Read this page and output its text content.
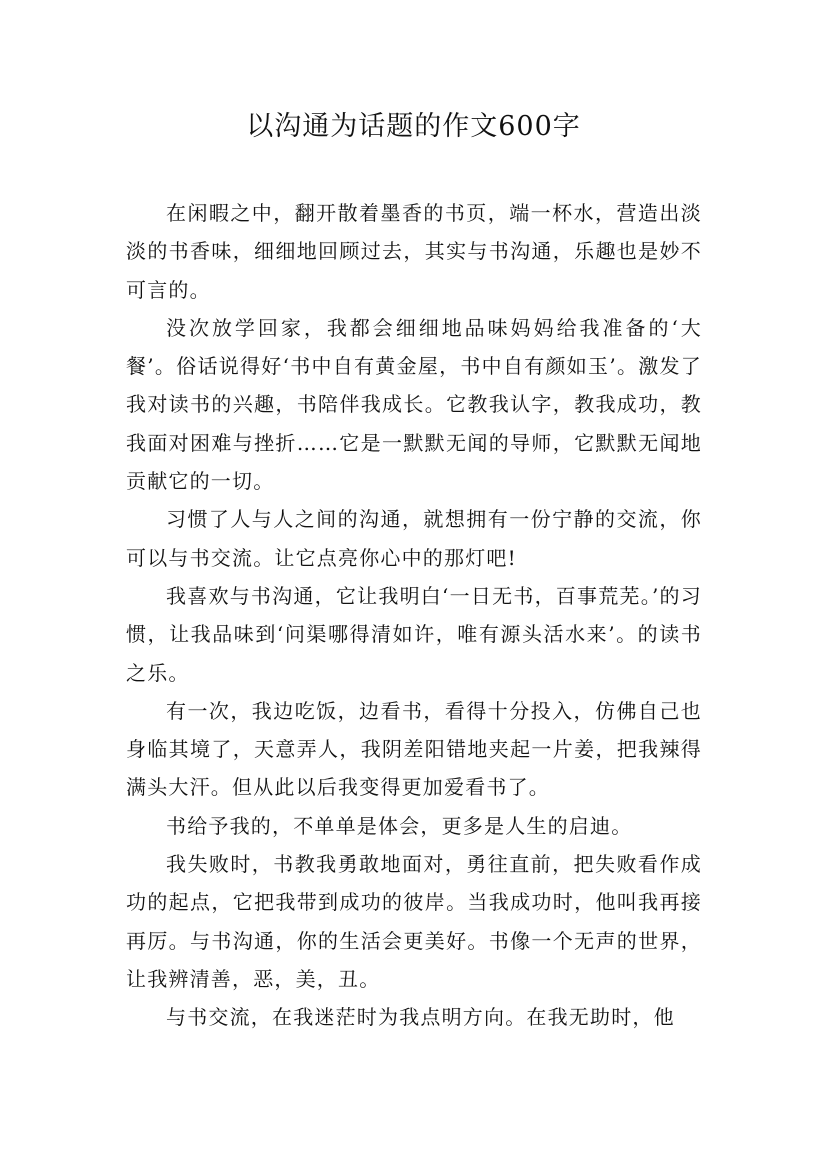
以沟通为话题的作文600字

在闲暇之中，翻开散着墨香的书页，端一杯水，营造出淡淡的书香味，细细地回顾过去，其实与书沟通，乐趣也是妙不可言的。

没次放学回家，我都会细细地品味妈妈给我准备的‘大餐’。俗话说得好‘书中自有黄金屋，书中自有颜如玉’。激发了我对读书的兴趣，书陪伴我成长。它教我认字，教我成功，教我面对困难与挫折……它是一默默无闻的导师，它默默无闻地贡献它的一切。

习惯了人与人之间的沟通，就想拥有一份宁静的交流，你可以与书交流。让它点亮你心中的那灯吧!

我喜欢与书沟通，它让我明白‘一日无书，百事荒芜。’的习惯，让我品味到‘问渠哪得清如许，唯有源头活水来’。的读书之乐。

有一次，我边吃饭，边看书，看得十分投入，仿佛自己也身临其境了，天意弄人，我阴差阳错地夹起一片姜，把我辣得满头大汗。但从此以后我变得更加爱看书了。

书给予我的，不单单是体会，更多是人生的启迪。

我失败时，书教我勇敢地面对，勇往直前，把失败看作成功的起点，它把我带到成功的彼岸。当我成功时，他叫我再接再厉。与书沟通，你的生活会更美好。书像一个无声的世界，让我辨清善，恶，美，丑。

与书交流，在我迷茫时为我点明方向。在我无助时，他
